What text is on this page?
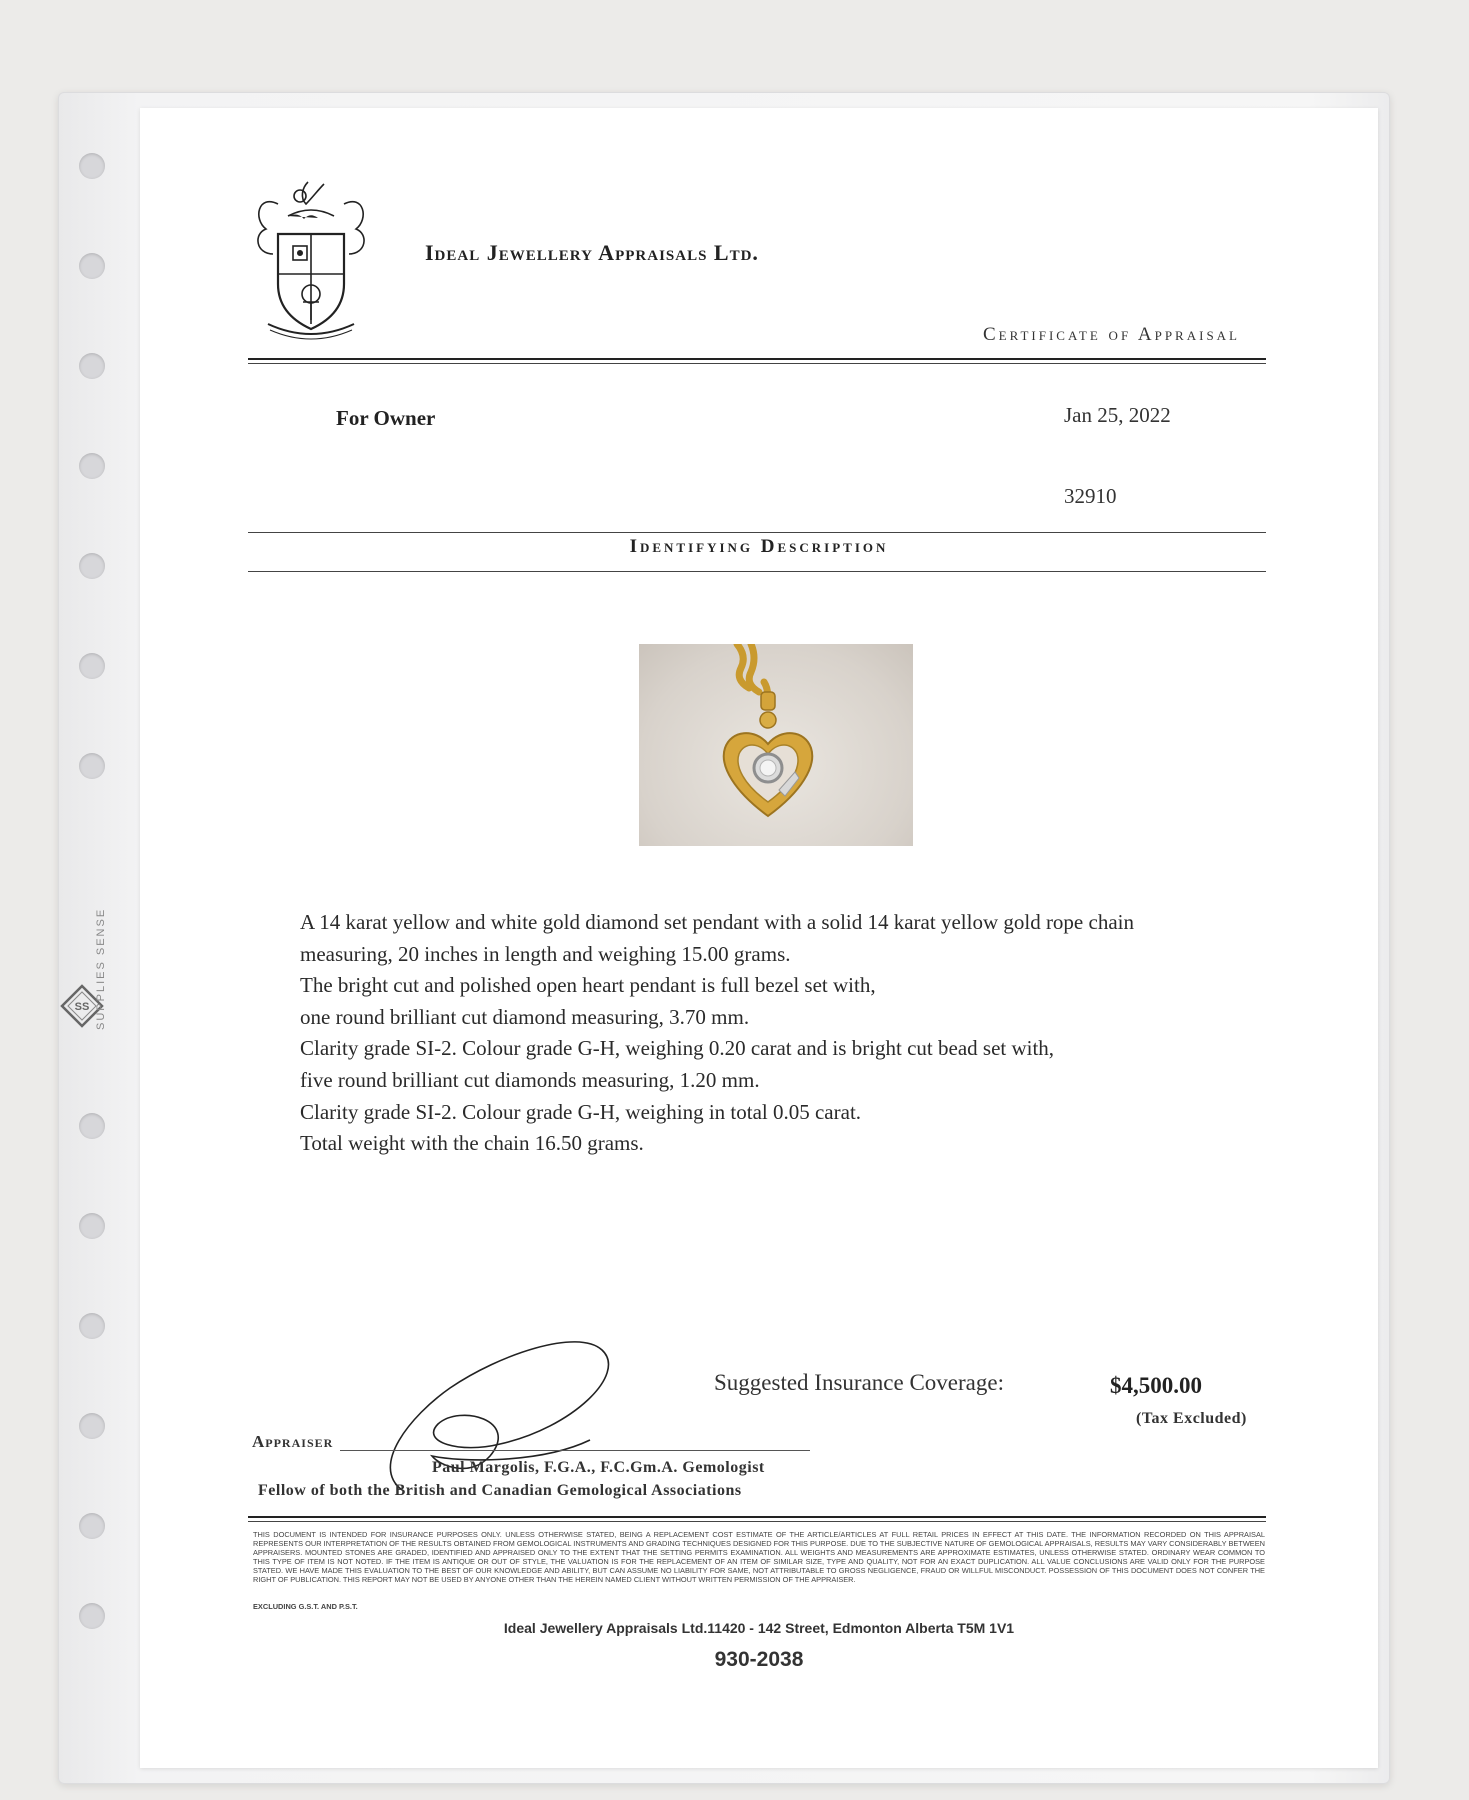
SS SUPPLIES SENSE
Ideal Jewellery Appraisals Ltd.
Certificate of Appraisal
For Owner	Jan 25, 2022
32910
Identifying Description
A 14 karat yellow and white gold diamond set pendant with a solid 14 karat yellow gold rope chain
measuring, 20 inches in length and weighing 15.00 grams.
The bright cut and polished open heart pendant is full bezel set with,
one round brilliant cut diamond measuring, 3.70 mm.
Clarity grade SI-2. Colour grade G-H, weighing 0.20 carat and is bright cut bead set with,
five round brilliant cut diamonds measuring, 1.20 mm.
Clarity grade SI-2. Colour grade G-H, weighing in total 0.05 carat.
Total weight with the chain 16.50 grams.
Suggested Insurance Coverage:	$4,500.00
(Tax Excluded)
Appraiser
Paul Margolis, F.G.A., F.C.Gm.A. Gemologist
Fellow of both the British and Canadian Gemological Associations
THIS DOCUMENT IS INTENDED FOR INSURANCE PURPOSES ONLY. UNLESS OTHERWISE STATED, BEING A REPLACEMENT COST ESTIMATE OF THE ARTICLE/ARTICLES AT FULL RETAIL PRICES IN EFFECT AT THIS DATE. THE INFORMATION RECORDED ON THIS APPRAISAL REPRESENTS OUR INTERPRETATION OF THE RESULTS OBTAINED FROM GEMOLOGICAL INSTRUMENTS AND GRADING TECHNIQUES DESIGNED FOR THIS PURPOSE. DUE TO THE SUBJECTIVE NATURE OF GEMOLOGICAL APPRAISALS, RESULTS MAY VARY CONSIDERABLY BETWEEN APPRAISERS. MOUNTED STONES ARE GRADED, IDENTIFIED AND APPRAISED ONLY TO THE EXTENT THAT THE SETTING PERMITS EXAMINATION. ALL WEIGHTS AND MEASUREMENTS ARE APPROXIMATE ESTIMATES, UNLESS OTHERWISE STATED. ORDINARY WEAR COMMON TO THIS TYPE OF ITEM IS NOT NOTED. IF THE ITEM IS ANTIQUE OR OUT OF STYLE, THE VALUATION IS FOR THE REPLACEMENT OF AN ITEM OF SIMILAR SIZE, TYPE AND QUALITY, NOT FOR AN EXACT DUPLICATION. ALL VALUE CONCLUSIONS ARE VALID ONLY FOR THE PURPOSE STATED. WE HAVE MADE THIS EVALUATION TO THE BEST OF OUR KNOWLEDGE AND ABILITY, BUT CAN ASSUME NO LIABILITY FOR SAME, NOT ATTRIBUTABLE TO GROSS NEGLIGENCE, FRAUD OR WILLFUL MISCONDUCT. POSSESSION OF THIS DOCUMENT DOES NOT CONFER THE RIGHT OF PUBLICATION. THIS REPORT MAY NOT BE USED BY ANYONE OTHER THAN THE HEREIN NAMED CLIENT WITHOUT WRITTEN PERMISSION OF THE APPRAISER.
EXCLUDING G.S.T. AND P.S.T.
Ideal Jewellery Appraisals Ltd.11420 - 142 Street, Edmonton Alberta T5M 1V1
930-2038
